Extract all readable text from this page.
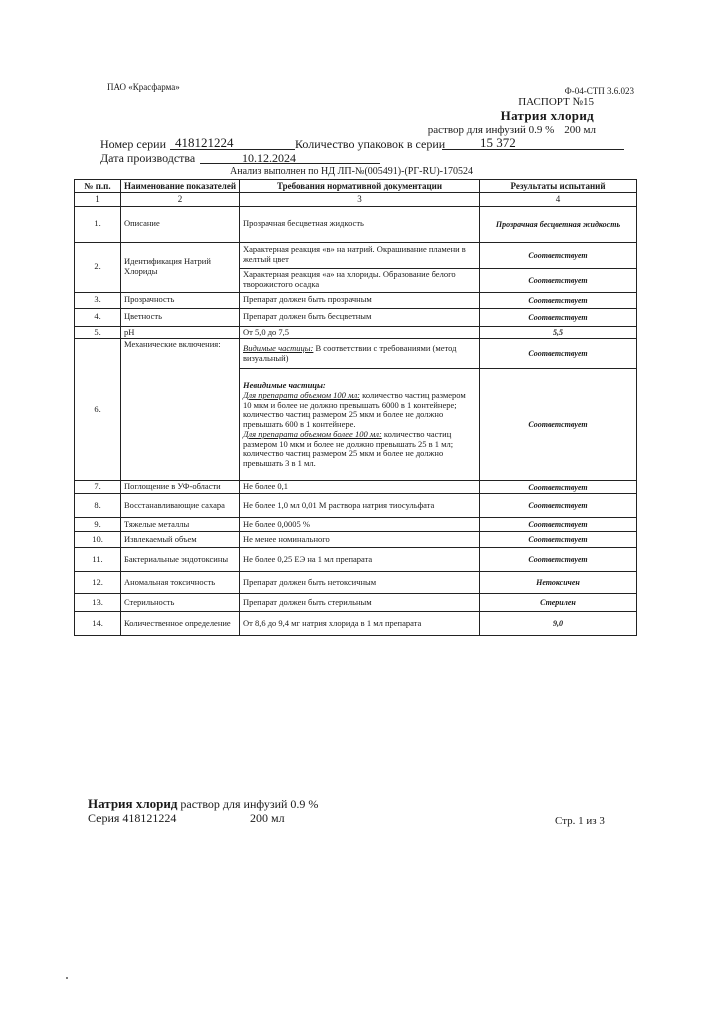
ПАО «Красфарма»	Ф-04-СТП 3.6.023
ПАСПОРТ №15
Натрия хлорид
раствор для инфузий 0.9 % 200 мл
Номер серии 418121224	Количество упаковок в серии	15 372
Дата производства	10.12.2024
Анализ выполнен по НД ЛП-№(005491)-(РГ-RU)-170524
№ п.п.	Наименование показателей	Требования нормативной документации	Результаты испытаний
1	2	3	4
1.	Описание	Прозрачная бесцветная жидкость	Прозрачная бесцветная жидкость
2.	Идентификация Натрий Хлориды	Характерная реакция «в» на натрий. Окрашивание пламени в желтый цвет	Соответствует
		Характерная реакция «а» на хлориды. Образование белого творожистого осадка	Соответствует
3.	Прозрачность	Препарат должен быть прозрачным	Соответствует
4.	Цветность	Препарат должен быть бесцветным	Соответствует
5.	pH	От 5,0 до 7,5	5,5
6.	Механические включения:	Видимые частицы: В соответствии с требованиями (метод визуальный)	Соответствует

		Невидимые частицы:
Для препарата объемом 100 мл: количество частиц размером 10 мкм и более не должно превышать 6000 в 1 контейнере; количество частиц размером 25 мкм и более не должно превышать 600 в 1 контейнере.
Для препарата объемом более 100 мл: количество частиц размером 10 мкм и более не должно превышать 25 в 1 мл; количество частиц размером 25 мкм и более не должно превышать 3 в 1 мл.	Соответствует
7.	Поглощение в УФ-области	Не более 0,1	Соответствует
8.	Восстанавливающие сахара	Не более 1,0 мл 0,01 М раствора натрия тиосульфата	Соответствует
9.	Тяжелые металлы	Не более 0,0005 %	Соответствует
10.	Извлекаемый объем	Не менее номинального	Соответствует
11.	Бактериальные эндотоксины	Не более 0,25 ЕЭ на 1 мл препарата	Соответствует
12.	Аномальная токсичность	Препарат должен быть нетоксичным	Нетоксичен
13.	Стерильность	Препарат должен быть стерильным	Стерилен
14.	Количественное определение	От 8,6 до 9,4 мг натрия хлорида в 1 мл препарата	9,0
Натрия хлорид раствор для инфузий 0.9 %
Серия 418121224	200 мл	Стр. 1 из 3
